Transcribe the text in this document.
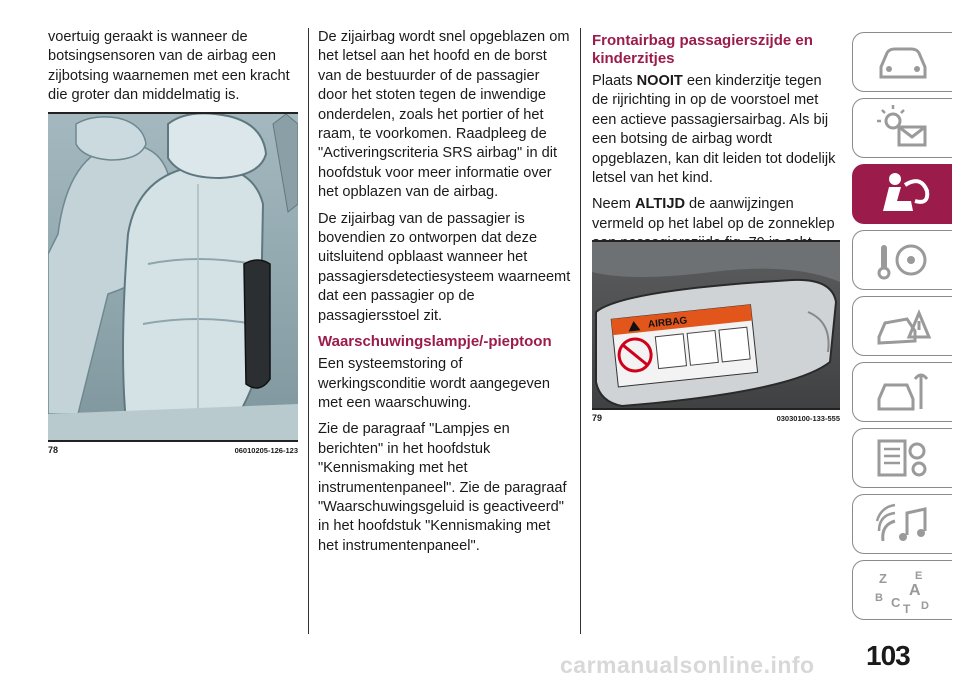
voertuig geraakt is wanneer de botsingsensoren van de airbag een zijbotsing waarnemen met een kracht die groter dan middelmatig is.

78	06010205-126-123

De zijairbag wordt snel opgeblazen om het letsel aan het hoofd en de borst van de bestuurder of de passagier door het stoten tegen de inwendige onderdelen, zoals het portier of het raam, te voorkomen. Raadpleeg de "Activeringscriteria SRS airbag" in dit hoofdstuk voor meer informatie over het opblazen van de airbag.

De zijairbag van de passagier is bovendien zo ontworpen dat deze uitsluitend opblaast wanneer het passagiersdetectiesysteem waarneemt dat een passagier op de passagiersstoel zit.

Waarschuwingslampje/-pieptoon

Een systeemstoring of werkingsconditie wordt aangegeven met een waarschuwing.

Zie de paragraaf "Lampjes en berichten" in het hoofdstuk "Kennismaking met het instrumentenpaneel". Zie de paragraaf "Waarschuwingsgeluid is geactiveerd" in het hoofdstuk "Kennismaking met het instrumentenpaneel".

Frontairbag passagierszijde en kinderzitjes

Plaats NOOIT een kinderzitje tegen de rijrichting in op de voorstoel met een actieve passagiersairbag. Als bij een botsing de airbag wordt opgeblazen, kan dit leiden tot dodelijk letsel van het kind.

Neem ALTIJD de aanwijzingen vermeld op het label op de zonneklep

AIRBAG
79	03030100-133-555
Z	E
A
B C D
T
103
carmanualsonline.info
